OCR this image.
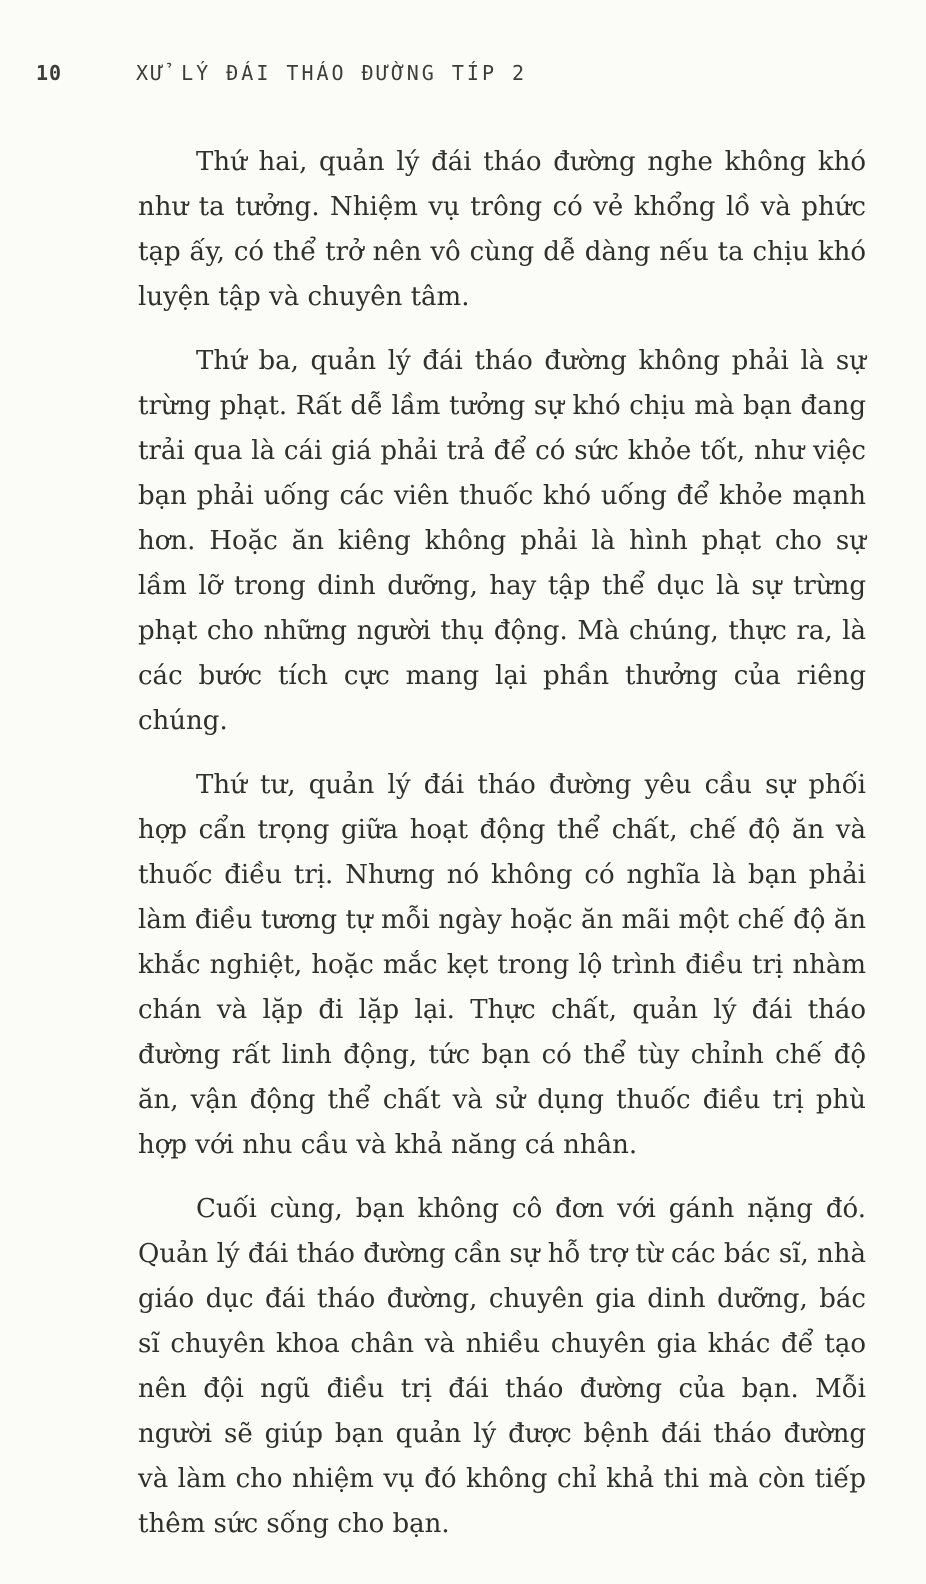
10	XỬ LÝ ĐÁI THÁO ĐƯỜNG TÍP 2

Thứ hai, quản lý đái tháo đường nghe không khó như ta tưởng. Nhiệm vụ trông có vẻ khổng lồ và phức tạp ấy, có thể trở nên vô cùng dễ dàng nếu ta chịu khó luyện tập và chuyên tâm.

Thứ ba, quản lý đái tháo đường không phải là sự trừng phạt. Rất dễ lầm tưởng sự khó chịu mà bạn đang trải qua là cái giá phải trả để có sức khỏe tốt, như việc bạn phải uống các viên thuốc khó uống để khỏe mạnh hơn. Hoặc ăn kiêng không phải là hình phạt cho sự lầm lỡ trong dinh dưỡng, hay tập thể dục là sự trừng phạt cho những người thụ động. Mà chúng, thực ra, là các bước tích cực mang lại phần thưởng của riêng chúng.

Thứ tư, quản lý đái tháo đường yêu cầu sự phối hợp cẩn trọng giữa hoạt động thể chất, chế độ ăn và thuốc điều trị. Nhưng nó không có nghĩa là bạn phải làm điều tương tự mỗi ngày hoặc ăn mãi một chế độ ăn khắc nghiệt, hoặc mắc kẹt trong lộ trình điều trị nhàm chán và lặp đi lặp lại. Thực chất, quản lý đái tháo đường rất linh động, tức bạn có thể tùy chỉnh chế độ ăn, vận động thể chất và sử dụng thuốc điều trị phù hợp với nhu cầu và khả năng cá nhân.

Cuối cùng, bạn không cô đơn với gánh nặng đó. Quản lý đái tháo đường cần sự hỗ trợ từ các bác sĩ, nhà giáo dục đái tháo đường, chuyên gia dinh dưỡng, bác sĩ chuyên khoa chân và nhiều chuyên gia khác để tạo nên đội ngũ điều trị đái tháo đường của bạn. Mỗi người sẽ giúp bạn quản lý được bệnh đái tháo đường và làm cho nhiệm vụ đó không chỉ khả thi mà còn tiếp thêm sức sống cho bạn.
